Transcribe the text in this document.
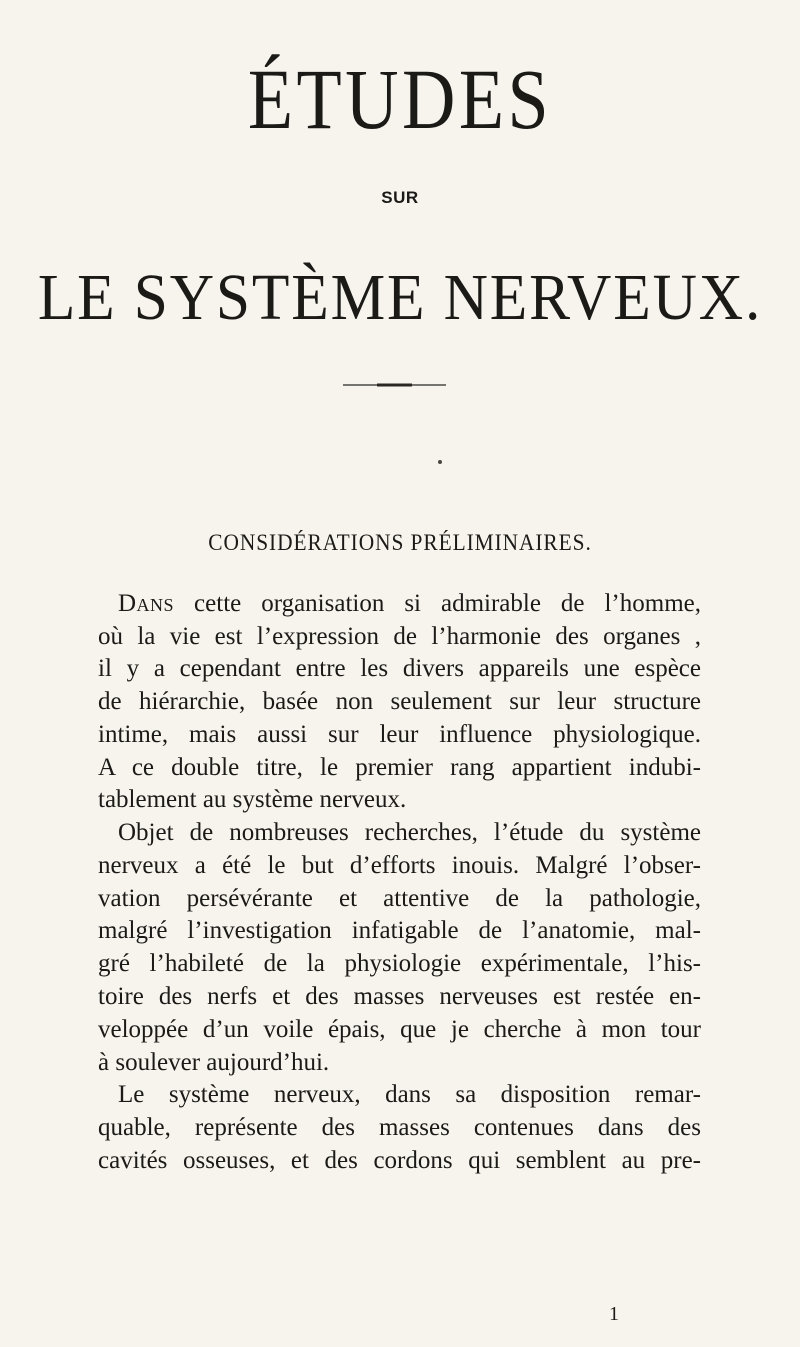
ÉTUDES
SUR
LE SYSTÈME NERVEUX.
CONSIDÉRATIONS PRÉLIMINAIRES.
Dans cette organisation si admirable de l’homme,
où la vie est l’expression de l’harmonie des organes ,
il y a cependant entre les divers appareils une espèce
de hiérarchie, basée non seulement sur leur structure
intime, mais aussi sur leur influence physiologique.
A ce double titre, le premier rang appartient indubi-
tablement au système nerveux.
Objet de nombreuses recherches, l’étude du système
nerveux a été le but d’efforts inouis. Malgré l’obser-
vation persévérante et attentive de la pathologie,
malgré l’investigation infatigable de l’anatomie, mal-
gré l’habileté de la physiologie expérimentale, l’his-
toire des nerfs et des masses nerveuses est restée en-
veloppée d’un voile épais, que je cherche à mon tour
à soulever aujourd’hui.
Le système nerveux, dans sa disposition remar-
quable, représente des masses contenues dans des
cavités osseuses, et des cordons qui semblent au pre-
1
